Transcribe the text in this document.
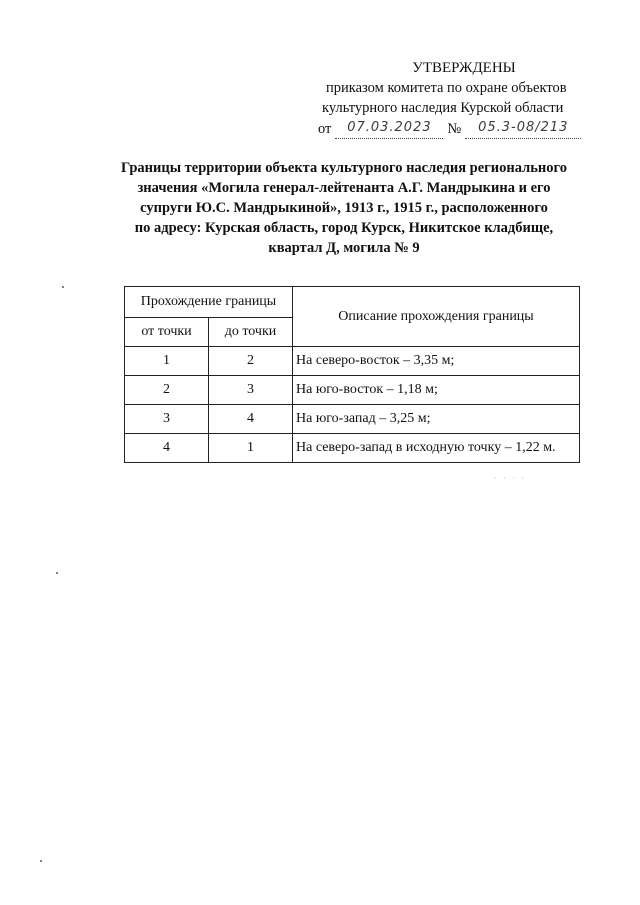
УТВЕРЖДЕНЫ
приказом комитета по охране объектов
культурного наследия Курской области
от	07.03.2023	№	05.3-08/213
Границы территории объекта культурного наследия регионального
значения «Могила генерал-лейтенанта А.Г. Мандрыкина и его
супруги Ю.С. Мандрыкиной», 1913 г., 1915 г., расположенного
по адресу: Курская область, город Курск, Никитское кладбище,
квартал Д, могила № 9
Прохождение границы		Описание прохождения границы
от точки	до точки	
1	2	На северо-восток – 3,35 м;
2	3	На юго-восток – 1,18 м;
3	4	На юго-запад – 3,25 м;
4	1	На северо-запад в исходную точку – 1,22 м.
· · · ·
